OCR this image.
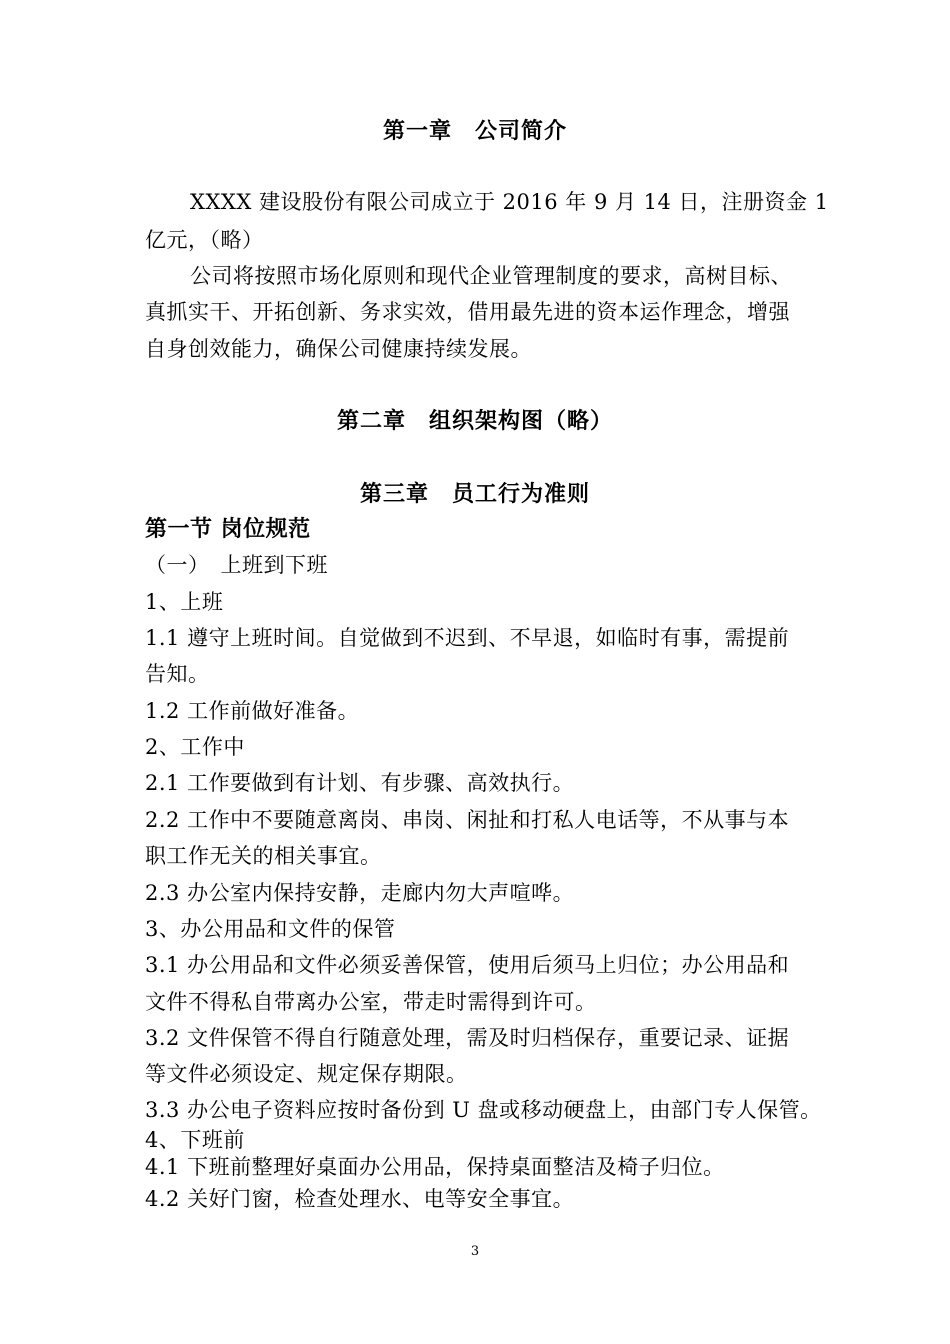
第一章　公司简介
XXXX 建设股份有限公司成立于 2016 年 9 月 14 日，注册资金 1
亿元，（略）
公司将按照市场化原则和现代企业管理制度的要求，高树目标、
真抓实干、开拓创新、务求实效，借用最先进的资本运作理念，增强
自身创效能力，确保公司健康持续发展。
第二章　组织架构图（略）
第三章　员工行为准则
第一节 岗位规范
（一）　上班到下班
1、上班
1.1 遵守上班时间。自觉做到不迟到、不早退，如临时有事，需提前
告知。
1.2 工作前做好准备。
2、工作中
2.1 工作要做到有计划、有步骤、高效执行。
2.2 工作中不要随意离岗、串岗、闲扯和打私人电话等，不从事与本
职工作无关的相关事宜。
2.3 办公室内保持安静，走廊内勿大声喧哗。
3、办公用品和文件的保管
3.1 办公用品和文件必须妥善保管，使用后须马上归位；办公用品和
文件不得私自带离办公室，带走时需得到许可。
3.2 文件保管不得自行随意处理，需及时归档保存，重要记录、证据
等文件必须设定、规定保存期限。
3.3 办公电子资料应按时备份到 U 盘或移动硬盘上，由部门专人保管。
4、下班前
4.1 下班前整理好桌面办公用品，保持桌面整洁及椅子归位。
4.2 关好门窗，检查处理水、电等安全事宜。
3
